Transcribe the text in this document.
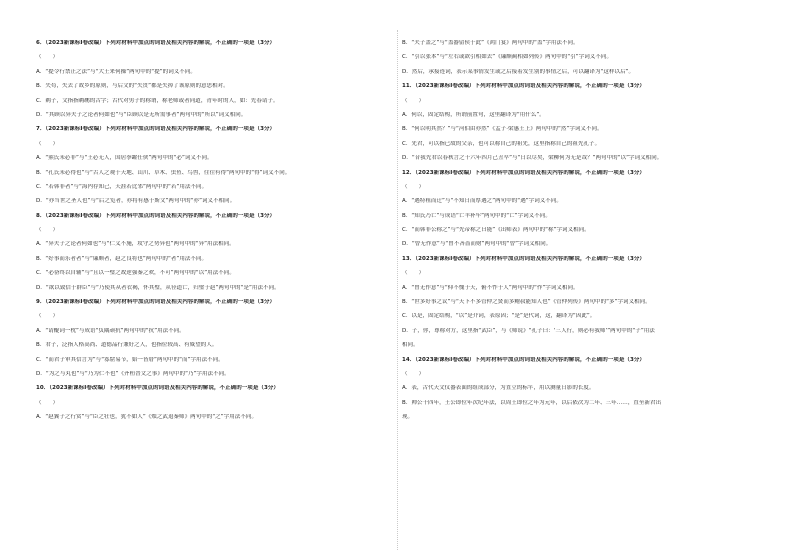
6．（2023新课标Ⅰ卷改编）下列对材料中加点的词语及相关内容的解说，不正确的一项是（3分）
（　　）
A．“提令行禁止之法”与“大王来何操”两句中的“提”的词义不同。
B．失苟，失去了故乡的原则，与后文的“失贯”都是失掉了该原则的意思相对。
C．鹈子，文指指鹈鹕的古字；古代对男子的称谓，称老师或者同道，青年时的人，如：先春请子。
D．“其顾以异夫子之论者何如也”与“臣顾以是无所需事者”两句中的“所以”词义相同。
7．（2023新课标Ⅰ卷改编）下列对材料中加点的词语及相关内容的解说，不正确的一项是（3分）
（　　）
A．“熊氏未必非”与“王必无人，国居拳龌任侠”两句中的“必”词义不同。
B．“孔氏未必得也”与“古人之观于天地、山川、草木、虫鱼、鸟兽，往往有得”两句中的“得”词义不同。
C．“若韩非者”与“海内存知己，天涯若比邻”两句中的“若”用法不同。
D．“亦当世之圣人也”与“后之览者，亦将有感于斯文”两句中的“亦”词义不相同。
8．（2023新课标Ⅰ卷改编）下列对材料中加点的词语及相关内容的解说，不正确的一项是（3分）
（　　）
A．“异夫子之论者何如也”与“仁义不施，攻守之势异也”两句中的“异”用法相同。
B．“好事而乐者者”与“廉颇者，赵之良将也”两句中的“者”用法不同。
C．“必奋终以自辅”与“且以一璧之故逆强秦之欢，不可”两句中的“以”用法不同。
D．“欲以致信于群臣”与“乃使其从者衣褐，怀其璧，从径道亡，归璧于赵”两句中的“是”用法不同。
9．（2023新课标Ⅰ卷改编）下列对材料中加点的词语及相关内容的解说，不正确的一项是（3分）
（　　）
A．“请醍词一枕”与成语“负隅顽抗”两句中的“抗”用法不同。
B．君子，泛指人格高尚、道德品行兼好之人，也指位较高、有威望的人。
C．“而君子审其信言为”与“寡窟易节，始一皆厝”两句中的“而”字用法不同。
D．“为之与丸也”与“乃为仁不也”《齐桓晋文之事》两句中的“乃”字用法不同。
10．（2023新课标Ⅰ卷改编）下列对材料中加点的词语及相关内容的解说，不正确的一项是（3分）
（　　）
A．“赵翼子之行赏”与“臣之壮也，犹不如人”《烛之武退秦师》两句中的“之”字用法不同。
B．“夫子盖之”与“盖器留侯于此”《鸿门宴》两句中的“盖”字用法不同。
C．“引以张本”与“左右或欲引相如去”《廉颇蔺相如列传》两句中的“引”字词义不同。
D．然后，承接连词，表示某事情发生或之后接着发生别的事情之后，可以翻译为“这样以后”。
11．（2023新课标Ⅰ卷改编）下列对材料中加点的词语及相关内容的解说，不正确的一项是（3分）
（　　）
A．何以，固定结构，所谓前置句，这里翻译为“用什么”。
B．“何以明其然？”与“河伯由亦然”《孟子·梁惠王上》两句中的“然”字词义不同。
C．先君，可以指已故的父亲，也可以称自己的祖先，这里指称自己的祖先孔子。
D．“昔我先君以春秋言之十六年四月己丑卒”与“日以尽矣，梁柳何为无是哉？”两句中的“以”字词义相同。
12．（2023新课标Ⅰ卷改编）下列对材料中加点的词语及相关内容的解说，不正确的一项是（3分）
（　　）
A．“遇特租而迁”与“不知日而厚遇之”两句中的“遇”字词义不同。
B．“知氏乃亡”与成语“亡羊补牢”两句中的“亡”字词义不同。
C．“而韩非公称之”与“先帝称之曰能”《出师表》两句中的“称”字词义相同。
D．“曾无作意”与“曾不吝啬而财”两句中的“曾”字词义相同。
13．（2023新课标Ⅰ卷改编）下列对材料中加点的词语及相关内容的解说，不正确的一项是（3分）
（　　）
A．“曾无作意”与“仰不愧于天，俯不怍于人”两句中的“作”字词义相同。
B．“世多好事之议”与“天下不多管仲之贤而多鲍叔能知人也”《管仲列传》两句中的“多”字词义相同。
C．以是，固定结构，“以”是介词，表原因；“是”是代词，这，翻译为“因此”。
D．子，你，尊称对方，这里指“武臣”，与《师说》“孔子曰：‘三人行，则必有我师’”两句中的“子”用法
相同。
14．（2023新课标Ⅰ卷改编）下列对材料中加点的词语及相关内容的解说，不正确的一项是（3分）
（　　）
A．表，古代天文仪器表面的组成部分，为直立的标竿，用以测量日影的长度。
B．帅公十四年，王公即位年次纪年法，以周王即位之年为元年，以后依次为二年、三年……，直至新君出
现。
